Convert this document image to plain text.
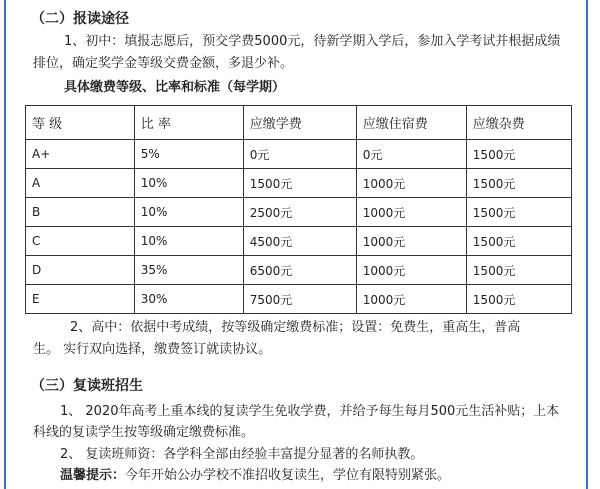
（二）报读途径
1、初中：填报志愿后，预交学费5000元，待新学期入学后，参加入学考试并根据成绩
排位，确定奖学金等级交费金额，多退少补。
具体缴费等级、比率和标准（每学期）
等 级	比 率	应缴学费	应缴住宿费	应缴杂费
A+	5%	0元	0元	1500元
A	10%	1500元	1000元	1500元
B	10%	2500元	1000元	1500元
C	10%	4500元	1000元	1500元
D	35%	6500元	1000元	1500元
E	30%	7500元	1000元	1500元
2、高中：依据中考成绩，按等级确定缴费标准；设置：免费生，重高生，普高
生。 实行双向选择，缴费签订就读协议。
（三）复读班招生
1、 2020年高考上重本线的复读学生免收学费，并给予每生每月500元生活补贴；上本
科线的复读学生按等级确定缴费标准。
2、 复读班师资：各学科全部由经验丰富提分显著的名师执教。
温馨提示：今年开始公办学校不准招收复读生，学位有限特别紧张。
